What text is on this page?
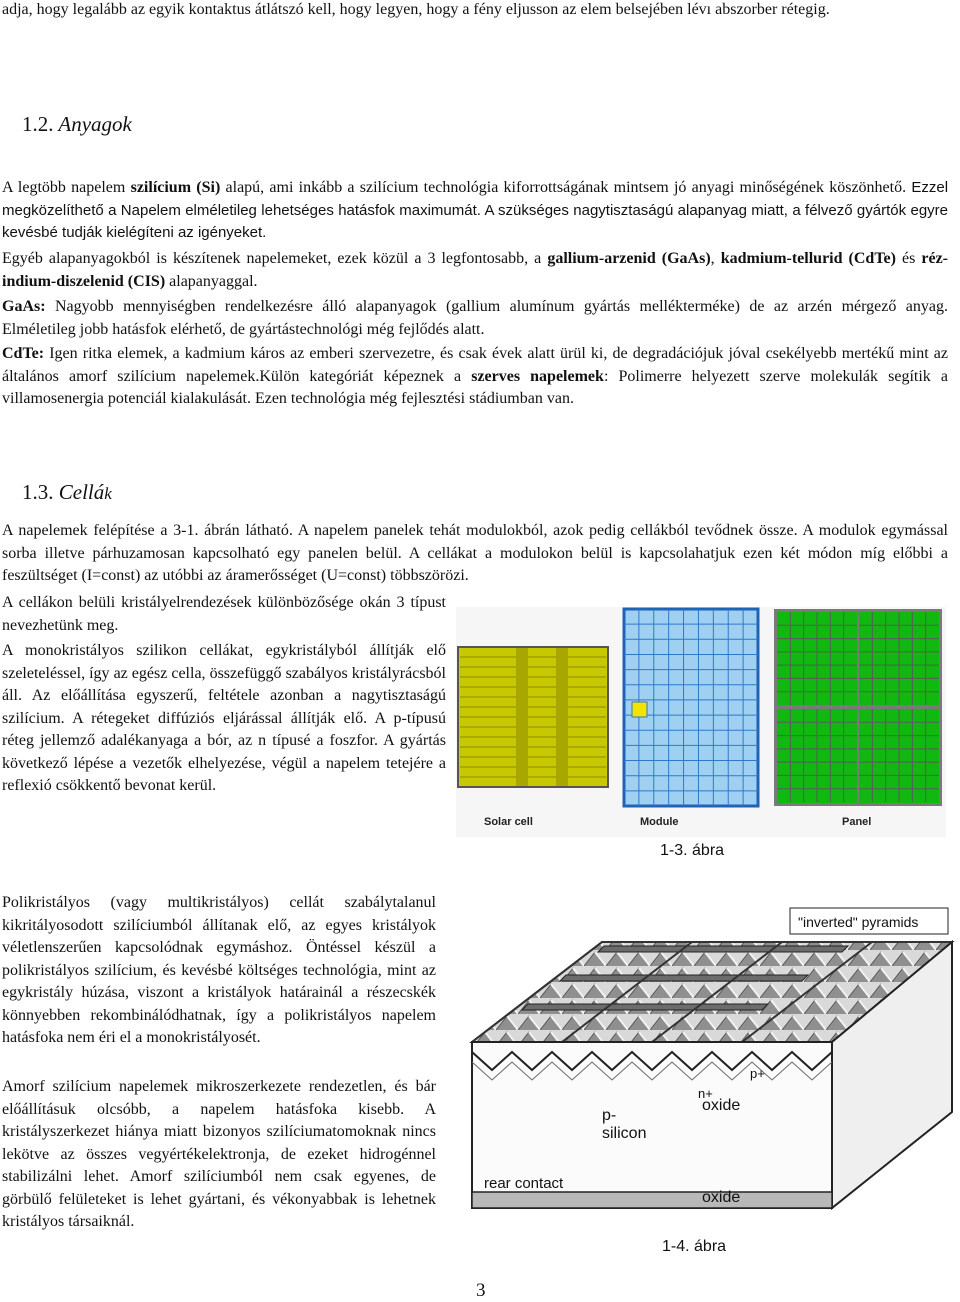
adja, hogy legalább az egyik kontaktus átlátszó kell, hogy legyen, hogy a fény eljusson az elem belsejében lévı abszorber rétegig.

1.2. Anyagok

A legtöbb napelem szilícium (Si) alapú, ami inkább a szilícium technológia kiforrottságának mintsem jó anyagi minőségének köszönhető. Ezzel megközelíthető a Napelem elméletileg lehetséges hatásfok maximumát. A szükséges nagytisztaságú alapanyag miatt, a félvező gyártók egyre kevésbé tudják kielégíteni az igényeket.

Egyéb alapanyagokból is készítenek napelemeket, ezek közül a 3 legfontosabb, a gallium-arzenid (GaAs), kadmium-tellurid (CdTe) és réz-indium-diszelenid (CIS) alapanyaggal.

GaAs: Nagyobb mennyiségben rendelkezésre álló alapanyagok (gallium alumínum gyártás mellékterméke) de az arzén mérgező anyag. Elméletileg jobb hatásfok elérhető, de gyártástechnológi még fejlődés alatt.

CdTe: Igen ritka elemek, a kadmium káros az emberi szervezetre, és csak évek alatt ürül ki, de degradációjuk jóval csekélyebb mertékű mint az általános amorf szilícium napelemek.Külön kategóriát képeznek a szerves napelemek: Polimerre helyezett szerve molekulák segítik a villamosenergia potenciál kialakulását. Ezen technológia még fejlesztési stádiumban van.

1.3. Cellák

A napelemek felépítése a 3-1. ábrán látható. A napelem panelek tehát modulokból, azok pedig cellákból tevődnek össze. A modulok egymással sorba illetve párhuzamosan kapcsolható egy panelen belül. A cellákat a modulokon belül is kapcsolahatjuk ezen két módon míg előbbi a feszültséget (I=const) az utóbbi az áramerősséget (U=const) többszörözi.

A cellákon belüli kristályelrendezések különbözősége okán 3 típust nevezhetünk meg.

A monokristályos szilikon cellákat, egykristályból állítják elő szeleteléssel, így az egész cella, összefüggő szabályos kristályrácsból áll. Az előállítása egyszerű, feltétele azonban a nagytisztaságú szilícium. A rétegeket diffúziós eljárással állítják elő. A p-típusú réteg jellemző adalékanyaga a bór, az n típusé a foszfor. A gyártás következő lépése a vezetők elhelyezése, végül a napelem tetejére a reflexió csökkentő bevonat kerül.

Solar cell	Module	Panel
1-3. ábra

Polikristályos (vagy multikristályos) cellát szabálytalanul kikritályosodott szilíciumból állítanak elő, az egyes kristályok véletlenszerűen kapcsolódnak egymáshoz. Öntéssel készül a polikristályos szilícium, és kevésbé költséges technológia, mint az egykristály húzása, viszont a kristályok határainál a részecskék könnyebben rekombinálódhatnak, így a polikristályos napelem hatásfoka nem éri el a monokristályosét.

Amorf szilícium napelemek mikroszerkezete rendezetlen, és bár előállításuk olcsóbb, a napelem hatásfoka kisebb. A kristályszerkezet hiánya miatt bizonyos szilíciumatomoknak nincs lekötve az összes vegyértékelektronja, de ezeket hidrogénnel stabilizálni lehet. Amorf szilíciumból nem csak egyenes, de görbülő felületeket is lehet gyártani, és vékonyabbak is lehetnek kristályos társaiknál.

"inverted" pyramids
n+
p+
p-
silicon
oxide
oxide
rear contact
1-4. ábra
3
